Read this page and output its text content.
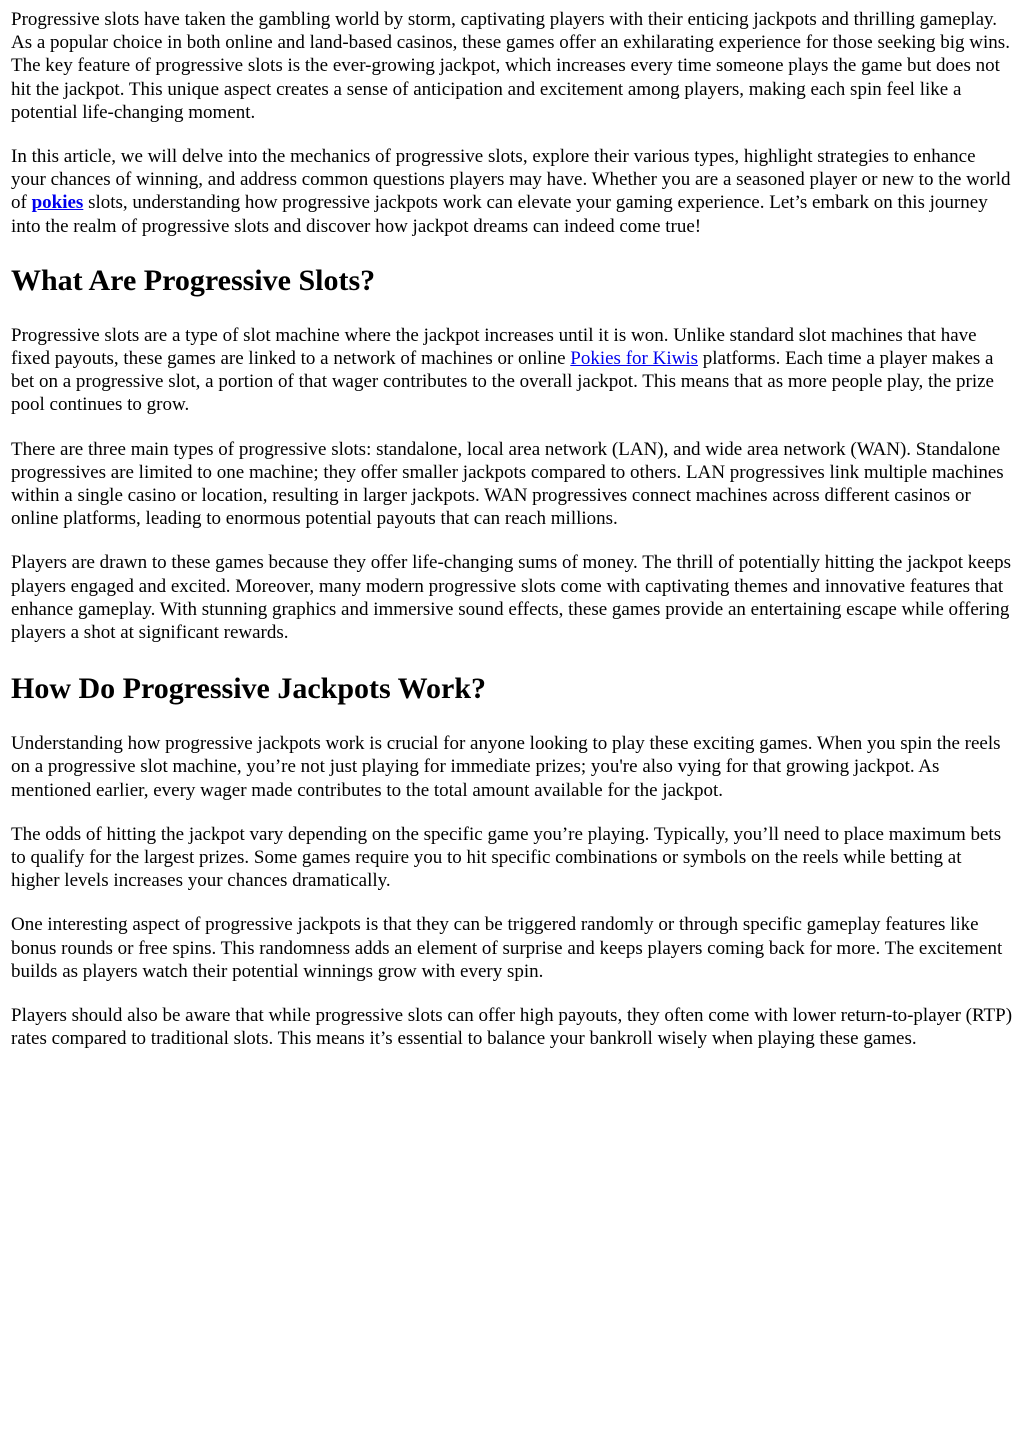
Progressive slots have taken the gambling world by storm, captivating players with their enticing jackpots and thrilling gameplay. As a popular choice in both online and land-based casinos, these games offer an exhilarating experience for those seeking big wins. The key feature of progressive slots is the ever-growing jackpot, which increases every time someone plays the game but does not hit the jackpot. This unique aspect creates a sense of anticipation and excitement among players, making each spin feel like a potential life-changing moment.

In this article, we will delve into the mechanics of progressive slots, explore their various types, highlight strategies to enhance your chances of winning, and address common questions players may have. Whether you are a seasoned player or new to the world of pokies slots, understanding how progressive jackpots work can elevate your gaming experience. Let’s embark on this journey into the realm of progressive slots and discover how jackpot dreams can indeed come true!

What Are Progressive Slots?

Progressive slots are a type of slot machine where the jackpot increases until it is won. Unlike standard slot machines that have fixed payouts, these games are linked to a network of machines or online Pokies for Kiwis platforms. Each time a player makes a bet on a progressive slot, a portion of that wager contributes to the overall jackpot. This means that as more people play, the prize pool continues to grow.

There are three main types of progressive slots: standalone, local area network (LAN), and wide area network (WAN). Standalone progressives are limited to one machine; they offer smaller jackpots compared to others. LAN progressives link multiple machines within a single casino or location, resulting in larger jackpots. WAN progressives connect machines across different casinos or online platforms, leading to enormous potential payouts that can reach millions.

Players are drawn to these games because they offer life-changing sums of money. The thrill of potentially hitting the jackpot keeps players engaged and excited. Moreover, many modern progressive slots come with captivating themes and innovative features that enhance gameplay. With stunning graphics and immersive sound effects, these games provide an entertaining escape while offering players a shot at significant rewards.

How Do Progressive Jackpots Work?

Understanding how progressive jackpots work is crucial for anyone looking to play these exciting games. When you spin the reels on a progressive slot machine, you’re not just playing for immediate prizes; you're also vying for that growing jackpot. As mentioned earlier, every wager made contributes to the total amount available for the jackpot.

The odds of hitting the jackpot vary depending on the specific game you’re playing. Typically, you’ll need to place maximum bets to qualify for the largest prizes. Some games require you to hit specific combinations or symbols on the reels while betting at higher levels increases your chances dramatically.

One interesting aspect of progressive jackpots is that they can be triggered randomly or through specific gameplay features like bonus rounds or free spins. This randomness adds an element of surprise and keeps players coming back for more. The excitement builds as players watch their potential winnings grow with every spin.

Players should also be aware that while progressive slots can offer high payouts, they often come with lower return-to-player (RTP) rates compared to traditional slots. This means it’s essential to balance your bankroll wisely when playing these games.
